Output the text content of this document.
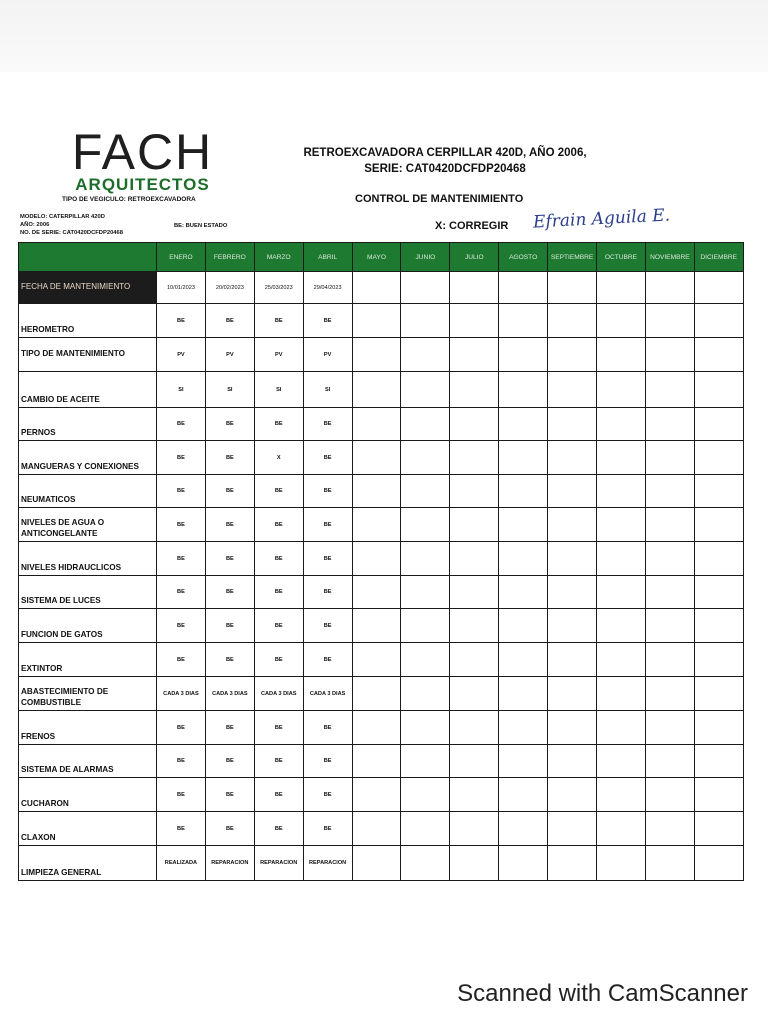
FACH
ARQUITECTOS
RETROEXCAVADORA CERPILLAR 420D, AÑO 2006,
SERIE: CAT0420DCFDP20468
CONTROL DE MANTENIMIENTO
TIPO DE VEGICULO: RETROEXCAVADORA
MODELO: CATERPILLAR 420D
AÑO: 2006
NO. DE SERIE: CAT0420DCFDP20468
BE: BUEN ESTADO	X: CORREGIR Efrain Aguila E.
	ENERO	FEBRERO	MARZO	ABRIL	MAYO	JUNIO	JULIO	AGOSTO	SEPTIEMBRE	OCTUBRE	NOVIEMBRE	DICIEMBRE
FECHA DE MANTENIMIENTO	10/01/2023	20/02/2023	25/03/2023	29/04/2023								
HEROMETRO	BE	BE	BE	BE								
TIPO DE MANTENIMIENTO	PV	PV	PV	PV								
CAMBIO DE ACEITE	SI	SI	SI	SI								
PERNOS	BE	BE	BE	BE								
MANGUERAS Y CONEXIONES	BE	BE	X	BE								
NEUMATICOS	BE	BE	BE	BE								
NIVELES DE AGUA O ANTICONGELANTE	BE	BE	BE	BE								
NIVELES HIDRAUCLICOS	BE	BE	BE	BE								
SISTEMA DE LUCES	BE	BE	BE	BE								
FUNCION DE GATOS	BE	BE	BE	BE								
EXTINTOR	BE	BE	BE	BE								
ABASTECIMIENTO DE COMBUSTIBLE	CADA 3 DIAS	CADA 3 DIAS	CADA 3 DIAS	CADA 3 DIAS								
FRENOS	BE	BE	BE	BE								
SISTEMA DE ALARMAS	BE	BE	BE	BE								
CUCHARON	BE	BE	BE	BE								
CLAXON	BE	BE	BE	BE								
LIMPIEZA GENERAL	REALIZADA	REPARACION	REPARACION	REPARACION								
Scanned with CamScanner
